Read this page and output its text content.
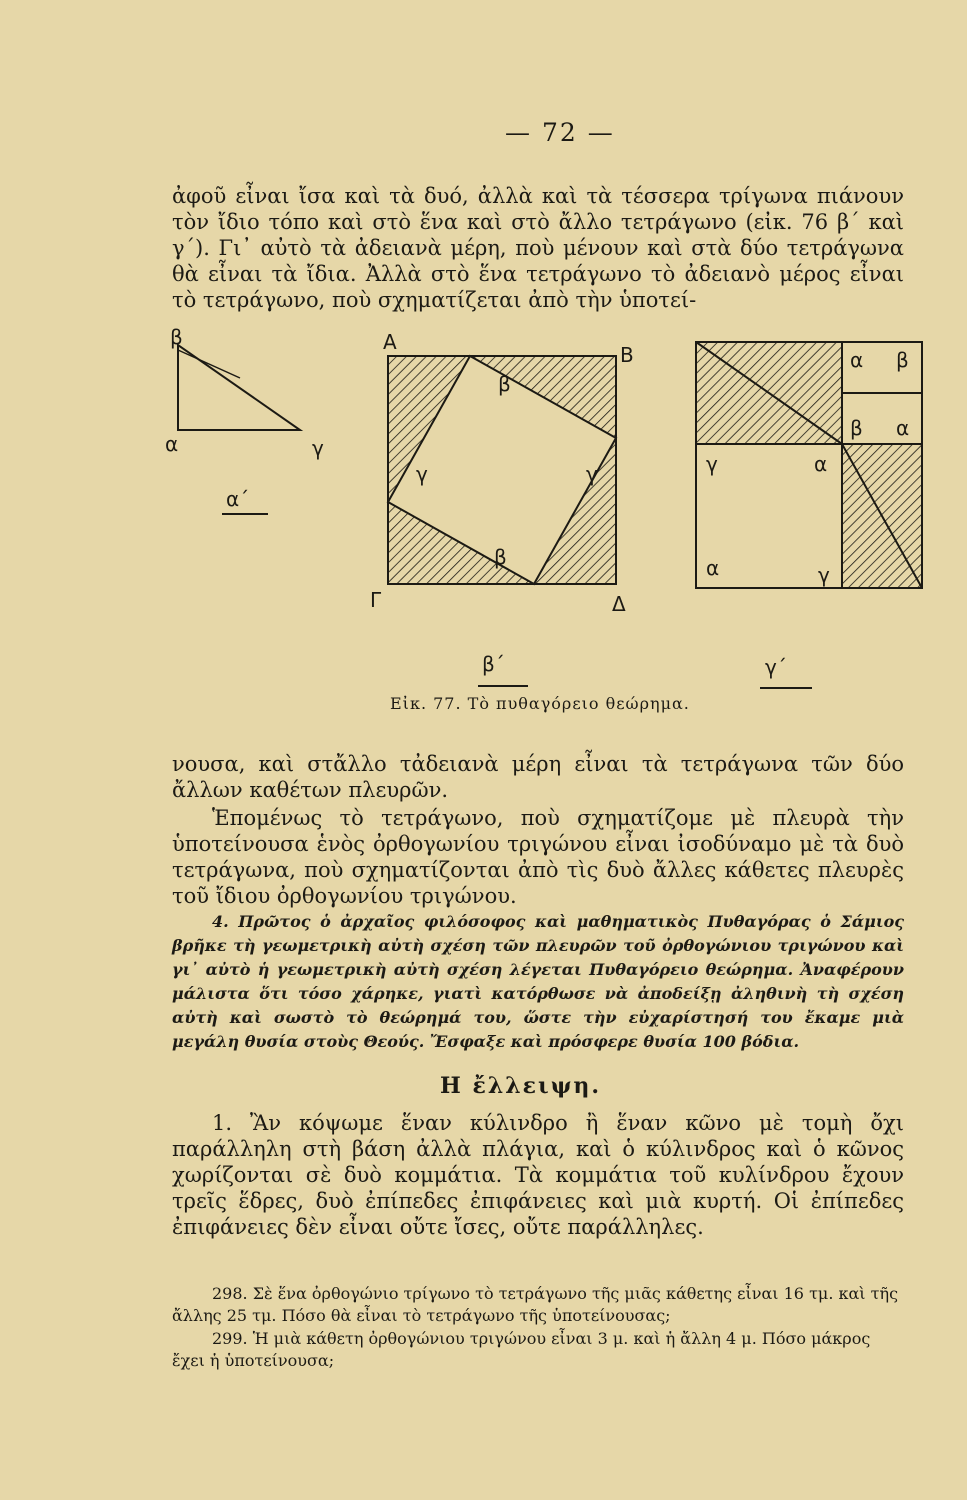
— 72 —

ἀφοῦ εἶναι ἴσα καὶ τὰ δυό, ἀλλὰ καὶ τὰ τέσσερα τρίγωνα πιάνουν τὸν ἴδιο τόπο καὶ στὸ ἕνα καὶ στὸ ἄλλο τετράγωνο (εἰκ. 76 β΄ καὶ γ΄). Γι᾽ αὐτὸ τὰ ἀδειανὰ μέρη, ποὺ μένουν καὶ στὰ δύο τετράγωνα θὰ εἶναι τὰ ἴδια. Ἀλλὰ στὸ ἕνα τετράγωνο τὸ ἀδειανὸ μέρος εἶναι τὸ τετράγωνο, ποὺ σχηματίζεται ἀπὸ τὴν ὑποτεί-

β
α	γ
α΄
Α
Β
Γ	Δ
β
γ	γ
β
β΄
α β
β α
γ	α
α	γ
γ΄
Εἰκ. 77. Τὸ πυθαγόρειο θεώρημα.

νουσα, καὶ στἄλλο τἀδειανὰ μέρη εἶναι τὰ τετράγωνα τῶν δύο ἄλλων καθέτων πλευρῶν.

Ἑπομένως τὸ τετράγωνο, ποὺ σχηματίζομε μὲ πλευρὰ τὴν ὑποτείνουσα ἑνὸς ὀρθογωνίου τριγώνου εἶναι ἰσοδύναμο μὲ τὰ δυὸ τετράγωνα, ποὺ σχηματίζονται ἀπὸ τὶς δυὸ ἄλλες κάθετες πλευρὲς τοῦ ἴδιου ὀρθογωνίου τριγώνου.

4. Πρῶτος ὁ ἀρχαῖος φιλόσοφος καὶ μαθηματικὸς Πυθαγόρας ὁ Σάμιος βρῆκε τὴ γεωμετρικὴ αὐτὴ σχέση τῶν πλευρῶν τοῦ ὀρθογώνιου τριγώνου καὶ γι᾽ αὐτὸ ἡ γεωμετρικὴ αὐτὴ σχέση λέγεται Πυθαγόρειο θεώρημα. Ἀναφέρουν μάλιστα ὅτι τόσο χάρηκε, γιατὶ κατόρθωσε νὰ ἀποδείξῃ ἀληθινὴ τὴ σχέση αὐτὴ καὶ σωστὸ τὸ θεώρημά του, ὥστε τὴν εὐχαρίστησή του ἔκαμε μιὰ μεγάλη θυσία στοὺς Θεούς. Ἔσφαξε καὶ πρόσφερε θυσία 100 βόδια.

Η ἔλλειψη.

1. Ἂν κόψωμε ἕναν κύλινδρο ἢ ἕναν κῶνο μὲ τομὴ ὄχι παράλληλη στὴ βάση ἀλλὰ πλάγια, καὶ ὁ κύλινδρος καὶ ὁ κῶνος χωρίζονται σὲ δυὸ κομμάτια. Τὰ κομμάτια τοῦ κυλίνδρου ἔχουν τρεῖς ἕδρες, δυὸ ἐπίπεδες ἐπιφάνειες καὶ μιὰ κυρτή. Οἱ ἐπίπεδες ἐπιφάνειες δὲν εἶναι οὔτε ἴσες, οὔτε παράλληλες.

298. Σὲ ἕνα ὀρθογώνιο τρίγωνο τὸ τετράγωνο τῆς μιᾶς κάθετης εἶναι 16 τμ. καὶ τῆς ἄλλης 25 τμ. Πόσο θὰ εἶναι τὸ τετράγωνο τῆς ὑποτείνουσας;

299. Ἡ μιὰ κάθετη ὀρθογώνιου τριγώνου εἶναι 3 μ. καὶ ἡ ἄλλη 4 μ. Πόσο μάκρος ἔχει ἡ ὑποτείνουσα;
